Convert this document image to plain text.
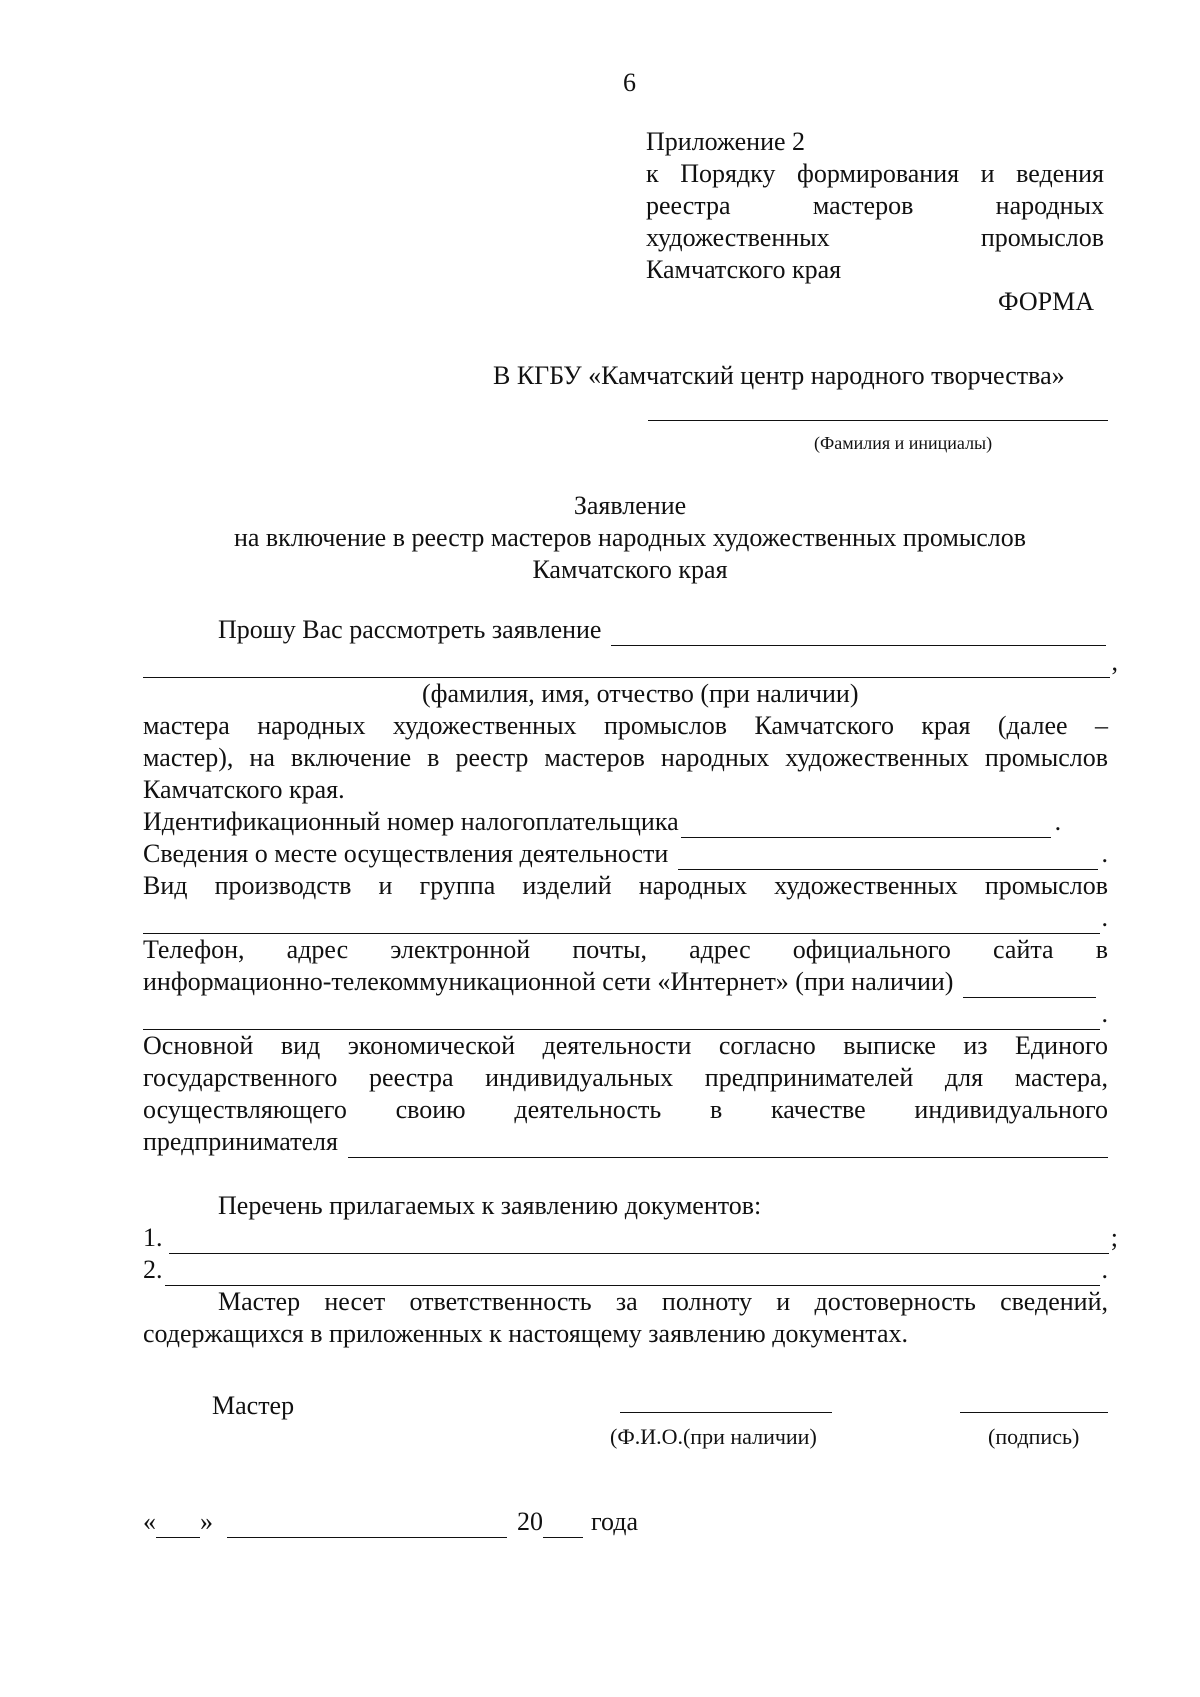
6
Приложение 2
к Порядку формирования и ведения
реестра мастеров народных
художественных промыслов
Камчатского края
ФОРМА
В КГБУ «Камчатский центр народного творчества»
(Фамилия и инициалы)
Заявление
на включение в реестр мастеров народных художественных промыслов
Камчатского края
Прошу Вас рассмотреть заявление
,
(фамилия, имя, отчество (при наличии)
мастера народных художественных промыслов Камчатского края (далее –
мастер), на включение в реестр мастеров народных художественных промыслов
Камчатского края.
Идентификационный номер налогоплательщика	.
Сведения о месте осуществления деятельности	.
Вид производств и группа изделий народных художественных промыслов
.
Телефон, адрес электронной почты, адрес официального сайта в
информационно-телекоммуникационной сети «Интернет» (при наличии)
.
Основной вид экономической деятельности согласно выписке из Единого
государственного реестра индивидуальных предпринимателей для мастера,
осуществляющего своию деятельность в качестве индивидуального
предпринимателя
Перечень прилагаемых к заявлению документов:
1.	;
2.	.
Мастер несет ответственность за полноту и достоверность сведений,
содержащихся в приложенных к настоящему заявлению документах.
Мастер
(Ф.И.О.(при наличии)	(подпись)
« »	20 года
